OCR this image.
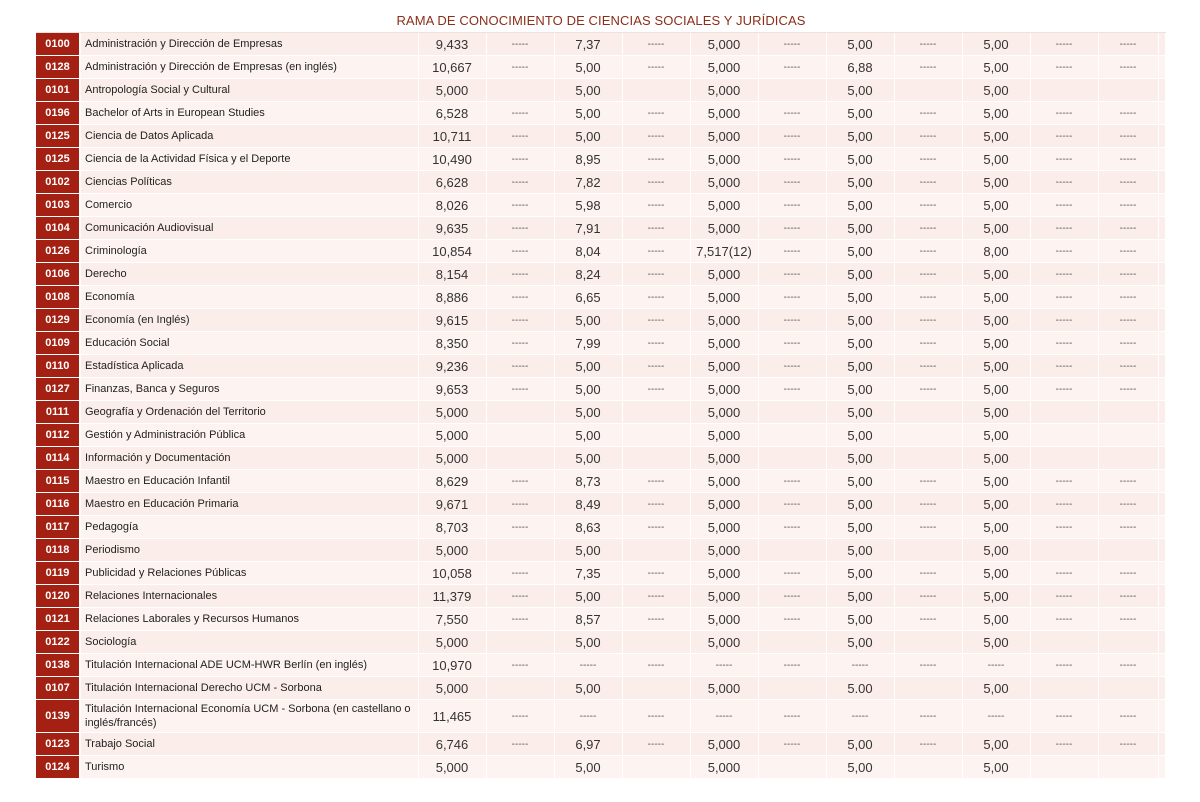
RAMA DE CONOCIMIENTO DE CIENCIAS SOCIALES Y JURÍDICAS
0100	Administración y Dirección de Empresas	9,433	-----	7,37	-----	5,000	-----	5,00	-----	5,00	-----	-----	
0128	Administración y Dirección de Empresas (en inglés)	10,667	-----	5,00	-----	5,000	-----	6,88	-----	5,00	-----	-----	
0101	Antropología Social y Cultural	5,000		5,00		5,000		5,00		5,00			
0196	Bachelor of Arts in European Studies	6,528	-----	5,00	-----	5,000	-----	5,00	-----	5,00	-----	-----	
0125	Ciencia de Datos Aplicada	10,711	-----	5,00	-----	5,000	-----	5,00	-----	5,00	-----	-----	
0125	Ciencia de la Actividad Física y el Deporte	10,490	-----	8,95	-----	5,000	-----	5,00	-----	5,00	-----	-----	
0102	Ciencias Políticas	6,628	-----	7,82	-----	5,000	-----	5,00	-----	5,00	-----	-----	
0103	Comercio	8,026	-----	5,98	-----	5,000	-----	5,00	-----	5,00	-----	-----	
0104	Comunicación Audiovisual	9,635	-----	7,91	-----	5,000	-----	5,00	-----	5,00	-----	-----	
0126	Criminología	10,854	-----	8,04	-----	7,517(12)	-----	5,00	-----	8,00	-----	-----	
0106	Derecho	8,154	-----	8,24	-----	5,000	-----	5,00	-----	5,00	-----	-----	
0108	Economía	8,886	-----	6,65	-----	5,000	-----	5,00	-----	5,00	-----	-----	
0129	Economía (en Inglés)	9,615	-----	5,00	-----	5,000	-----	5,00	-----	5,00	-----	-----	
0109	Educación Social	8,350	-----	7,99	-----	5,000	-----	5,00	-----	5,00	-----	-----	
0110	Estadística Aplicada	9,236	-----	5,00	-----	5,000	-----	5,00	-----	5,00	-----	-----	
0127	Finanzas, Banca y Seguros	9,653	-----	5,00	-----	5,000	-----	5,00	-----	5,00	-----	-----	
0111	Geografía y Ordenación del Territorio	5,000		5,00		5,000		5,00		5,00			
0112	Gestión y Administración Pública	5,000		5,00		5,000		5,00		5,00			
0114	Información y Documentación	5,000		5,00		5,000		5,00		5,00			
0115	Maestro en Educación Infantil	8,629	-----	8,73	-----	5,000	-----	5,00	-----	5,00	-----	-----	
0116	Maestro en Educación Primaria	9,671	-----	8,49	-----	5,000	-----	5,00	-----	5,00	-----	-----	
0117	Pedagogía	8,703	-----	8,63	-----	5,000	-----	5,00	-----	5,00	-----	-----	
0118	Periodismo	5,000		5,00		5,000		5,00		5,00			
0119	Publicidad y Relaciones Públicas	10,058	-----	7,35	-----	5,000	-----	5,00	-----	5,00	-----	-----	
0120	Relaciones Internacionales	11,379	-----	5,00	-----	5,000	-----	5,00	-----	5,00	-----	-----	
0121	Relaciones Laborales y Recursos Humanos	7,550	-----	8,57	-----	5,000	-----	5,00	-----	5,00	-----	-----	
0122	Sociología	5,000		5,00		5,000		5,00		5,00			
0138	Titulación Internacional ADE UCM-HWR Berlín (en inglés)	10,970	-----	-----	-----	-----	-----	-----	-----	-----	-----	-----	
0107	Titulación Internacional Derecho UCM - Sorbona	5,000		5,00		5,000		5.00		5,00			
0139	Titulación Internacional Economía UCM - Sorbona (en castellano o inglés/francés)	11,465	-----	-----	-----	-----	-----	-----	-----	-----	-----	-----	
0123	Trabajo Social	6,746	-----	6,97	-----	5,000	-----	5,00	-----	5,00	-----	-----	
0124	Turismo	5,000		5,00		5,000		5,00		5,00			
